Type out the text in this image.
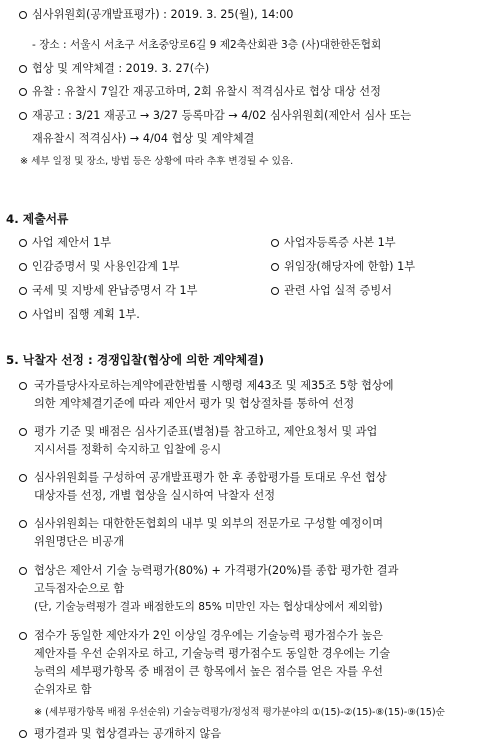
심사위원회(공개발표평가) : 2019. 3. 25(월), 14:00
- 장소 : 서울시 서초구 서초중앙로6길 9 제2축산회관 3층 (사)대한한돈협회
협상 및 계약체결 : 2019. 3. 27(수)
유찰 : 유찰시 7일간 재공고하며, 2회 유찰시 적격심사로 협상 대상 선정
재공고 : 3/21 재공고 → 3/27 등록마감 → 4/02 심사위원회(제안서 심사 또는
재유찰시 적격심사) → 4/04 협상 및 계약체결
※ 세부 일정 및 장소, 방법 등은 상황에 따라 추후 변경될 수 있음.
4. 제출서류
사업 제안서 1부	사업자등록증 사본 1부
인감증명서 및 사용인감계 1부	위임장(해당자에 한함) 1부
국세 및 지방세 완납증명서 각 1부	관련 사업 실적 증빙서
사업비 집행 계획 1부.
5. 낙찰자 선정 : 경쟁입찰(협상에 의한 계약체결)
국가를당사자로하는계약에관한법률 시행령 제43조 및 제35조 5항 협상에
의한 계약체결기준에 따라 제안서 평가 및 협상절차를 통하여 선정
평가 기준 및 배점은 심사기준표(별첨)를 참고하고, 제안요청서 및 과업
지시서를 정확히 숙지하고 입찰에 응시
심사위원회를 구성하여 공개발표평가 한 후 종합평가를 토대로 우선 협상
대상자를 선정, 개별 협상을 실시하여 낙찰자 선정
심사위원회는 대한한돈협회의 내부 및 외부의 전문가로 구성할 예정이며
위원명단은 비공개
협상은 제안서 기술 능력평가(80%) + 가격평가(20%)를 종합 평가한 결과
고득점자순으로 함
(단, 기술능력평가 결과 배점한도의 85% 미만인 자는 협상대상에서 제외함)
점수가 동일한 제안자가 2인 이상일 경우에는 기술능력 평가점수가 높은
제안자를 우선 순위자로 하고, 기술능력 평가점수도 동일한 경우에는 기술
능력의 세부평가항목 중 배점이 큰 항목에서 높은 점수를 얻은 자를 우선
순위자로 함
※ (세부평가항목 배점 우선순위) 기술능력평가/정성적 평가분야의 ①(15)-②(15)-⑧(15)-⑨(15)순
평가결과 및 협상결과는 공개하지 않음
